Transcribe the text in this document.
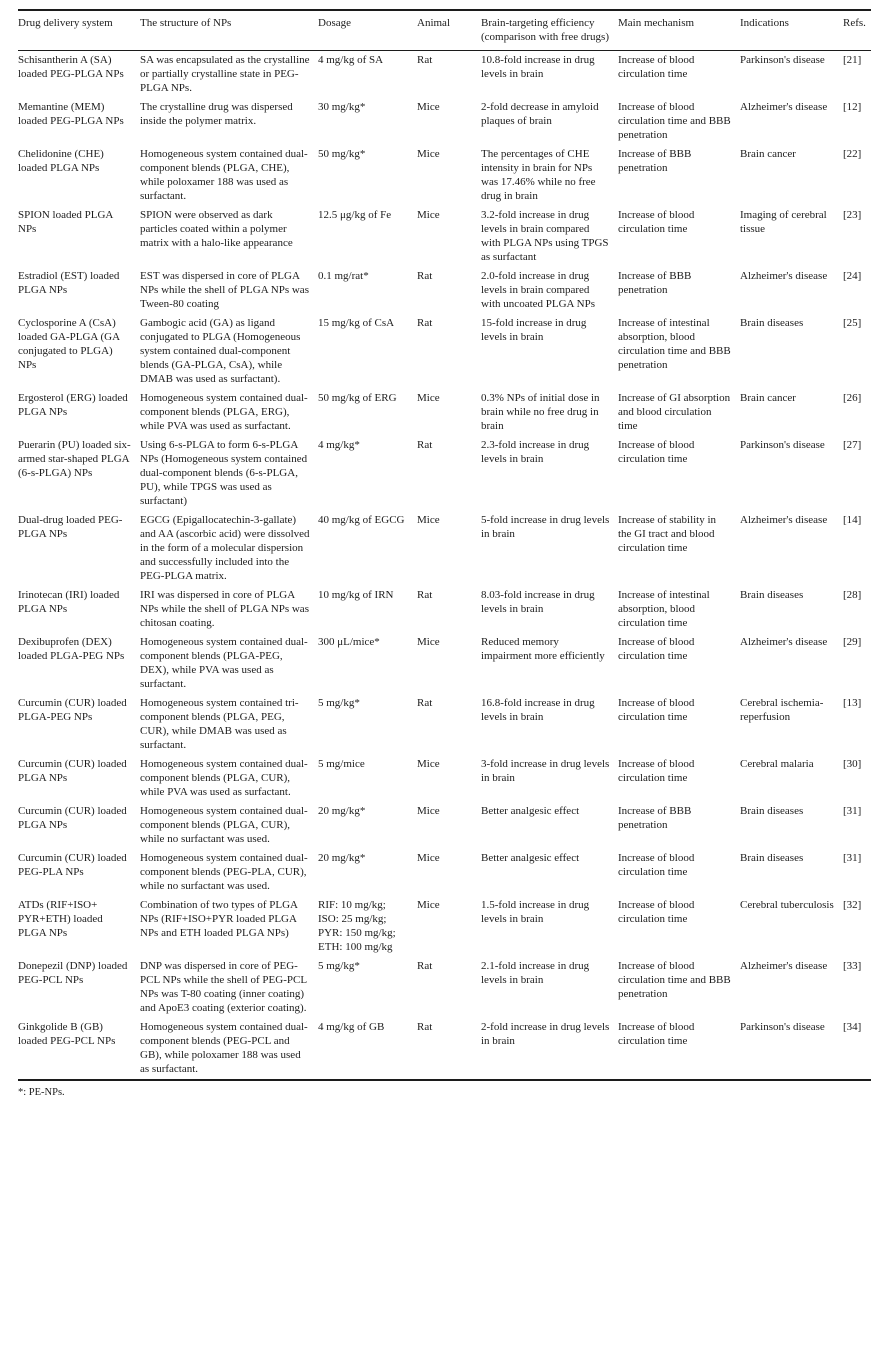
Drug delivery system	The structure of NPs	Dosage	Animal	Brain-targeting efficiency (comparison with free drugs)	Main mechanism	Indications	Refs.
Schisantherin A (SA) loaded PEG-PLGA NPs	SA was encapsulated as the crystalline or partially crystalline state in PEG-PLGA NPs.	4 mg/kg of SA	Rat	10.8-fold increase in drug levels in brain	Increase of blood circulation time	Parkinson's disease	[21]
Memantine (MEM) loaded PEG-PLGA NPs	The crystalline drug was dispersed inside the polymer matrix.	30 mg/kg*	Mice	2-fold decrease in amyloid plaques of brain	Increase of blood circulation time and BBB penetration	Alzheimer's disease	[12]
Chelidonine (CHE) loaded PLGA NPs	Homogeneous system contained dual-component blends (PLGA, CHE), while poloxamer 188 was used as surfactant.	50 mg/kg*	Mice	The percentages of CHE intensity in brain for NPs was 17.46% while no free drug in brain	Increase of BBB penetration	Brain cancer	[22]
SPION loaded PLGA NPs	SPION were observed as dark particles coated within a polymer matrix with a halo-like appearance	12.5 μg/kg of Fe	Mice	3.2-fold increase in drug levels in brain compared with PLGA NPs using TPGS as surfactant	Increase of blood circulation time	Imaging of cerebral tissue	[23]
Estradiol (EST) loaded PLGA NPs	EST was dispersed in core of PLGA NPs while the shell of PLGA NPs was Tween-80 coating	0.1 mg/rat*	Rat	2.0-fold increase in drug levels in brain compared with uncoated PLGA NPs	Increase of BBB penetration	Alzheimer's disease	[24]
Cyclosporine A (CsA) loaded GA-PLGA (GA conjugated to PLGA) NPs	Gambogic acid (GA) as ligand conjugated to PLGA (Homogeneous system contained dual-component blends (GA-PLGA, CsA), while DMAB was used as surfactant).	15 mg/kg of CsA	Rat	15-fold increase in drug levels in brain	Increase of intestinal absorption, blood circulation time and BBB penetration	Brain diseases	[25]
Ergosterol (ERG) loaded PLGA NPs	Homogeneous system contained dual-component blends (PLGA, ERG), while PVA was used as surfactant.	50 mg/kg of ERG	Mice	0.3% NPs of initial dose in brain while no free drug in brain	Increase of GI absorption and blood circulation time	Brain cancer	[26]
Puerarin (PU) loaded six-armed star-shaped PLGA (6-s-PLGA) NPs	Using 6-s-PLGA to form 6-s-PLGA NPs (Homogeneous system contained dual-component blends (6-s-PLGA, PU), while TPGS was used as surfactant)	4 mg/kg*	Rat	2.3-fold increase in drug levels in brain	Increase of blood circulation time	Parkinson's disease	[27]
Dual-drug loaded PEG-PLGA NPs	EGCG (Epigallocatechin-3-gallate) and AA (ascorbic acid) were dissolved in the form of a molecular dispersion and successfully included into the PEG-PLGA matrix.	40 mg/kg of EGCG	Mice	5-fold increase in drug levels in brain	Increase of stability in the GI tract and blood circulation time	Alzheimer's disease	[14]
Irinotecan (IRI) loaded PLGA NPs	IRI was dispersed in core of PLGA NPs while the shell of PLGA NPs was chitosan coating.	10 mg/kg of IRN	Rat	8.03-fold increase in drug levels in brain	Increase of intestinal absorption, blood circulation time	Brain diseases	[28]
Dexibuprofen (DEX) loaded PLGA-PEG NPs	Homogeneous system contained dual-component blends (PLGA-PEG, DEX), while PVA was used as surfactant.	300 μL/mice*	Mice	Reduced memory impairment more efficiently	Increase of blood circulation time	Alzheimer's disease	[29]
Curcumin (CUR) loaded PLGA-PEG NPs	Homogeneous system contained tri-component blends (PLGA, PEG, CUR), while DMAB was used as surfactant.	5 mg/kg*	Rat	16.8-fold increase in drug levels in brain	Increase of blood circulation time	Cerebral ischemia-reperfusion	[13]
Curcumin (CUR) loaded PLGA NPs	Homogeneous system contained dual-component blends (PLGA, CUR), while PVA was used as surfactant.	5 mg/mice	Mice	3-fold increase in drug levels in brain	Increase of blood circulation time	Cerebral malaria	[30]
Curcumin (CUR) loaded PLGA NPs	Homogeneous system contained dual-component blends (PLGA, CUR), while no surfactant was used.	20 mg/kg*	Mice	Better analgesic effect	Increase of BBB penetration	Brain diseases	[31]
Curcumin (CUR) loaded PEG-PLA NPs	Homogeneous system contained dual-component blends (PEG-PLA, CUR), while no surfactant was used.	20 mg/kg*	Mice	Better analgesic effect	Increase of blood circulation time	Brain diseases	[31]
ATDs (RIF+ISO+ PYR+ETH) loaded PLGA NPs	Combination of two types of PLGA NPs (RIF+ISO+PYR loaded PLGA NPs and ETH loaded PLGA NPs)	RIF: 10 mg/kg; ISO: 25 mg/kg; PYR: 150 mg/kg; ETH: 100 mg/kg	Mice	1.5-fold increase in drug levels in brain	Increase of blood circulation time	Cerebral tuberculosis	[32]
Donepezil (DNP) loaded PEG-PCL NPs	DNP was dispersed in core of PEG-PCL NPs while the shell of PEG-PCL NPs was T-80 coating (inner coating) and ApoE3 coating (exterior coating).	5 mg/kg*	Rat	2.1-fold increase in drug levels in brain	Increase of blood circulation time and BBB penetration	Alzheimer's disease	[33]
Ginkgolide B (GB) loaded PEG-PCL NPs	Homogeneous system contained dual-component blends (PEG-PCL and GB), while poloxamer 188 was used as surfactant.	4 mg/kg of GB	Rat	2-fold increase in drug levels in brain	Increase of blood circulation time	Parkinson's disease	[34]
*: PE-NPs.
